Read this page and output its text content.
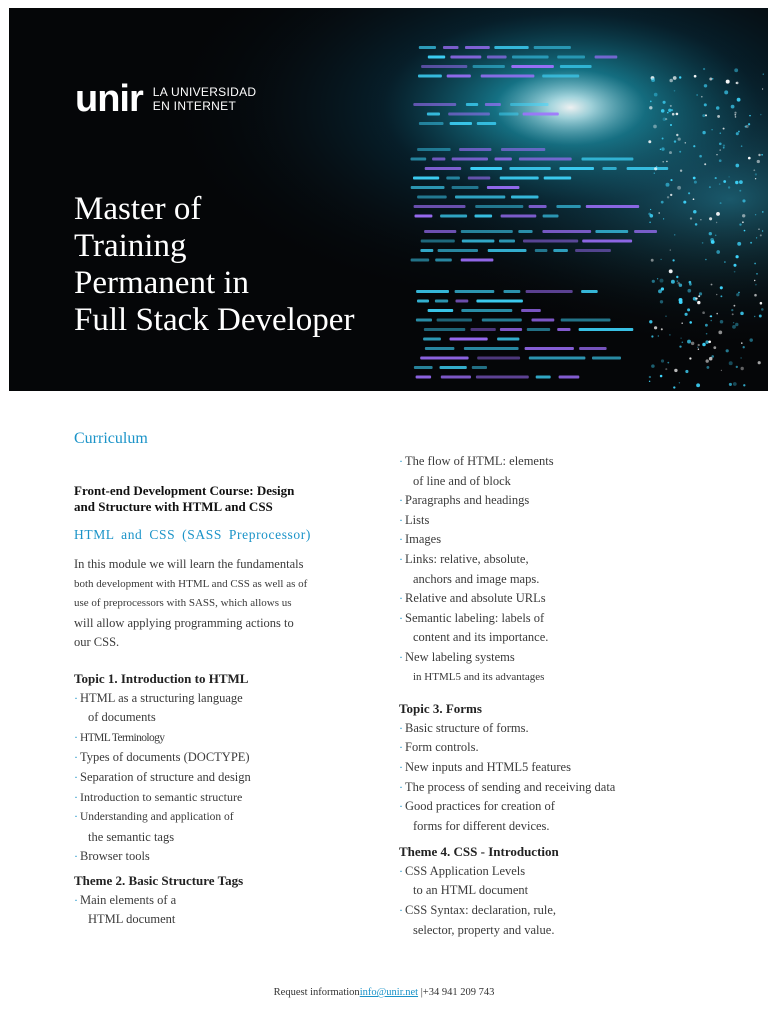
unir LA UNIVERSIDAD
EN INTERNET
Master of
Training
Permanent in
Full Stack Developer
Curriculum

Front-end Development Course: Design
and Structure with HTML and CSS

HTML and CSS (SASS Preprocessor)

In this module we will learn the fundamentals
both development with HTML and CSS as well as of
use of preprocessors with SASS, which allows us
will allow applying programming actions to
our CSS.

Topic 1. Introduction to HTML

· HTML as a structuring language
of documents
· HTML Terminology
· Types of documents (DOCTYPE)
· Separation of structure and design
· Introduction to semantic structure
· Understanding and application of
the semantic tags
· Browser tools

Theme 2. Basic Structure Tags

· Main elements of a
HTML document
· The flow of HTML: elements
of line and of block
· Paragraphs and headings
· Lists
· Images
· Links: relative, absolute,
anchors and image maps.
· Relative and absolute URLs
· Semantic labeling: labels of
content and its importance.
· New labeling systems
in HTML5 and its advantages

Topic 3. Forms

· Basic structure of forms.
· Form controls.
· New inputs and HTML5 features
· The process of sending and receiving data
· Good practices for creation of
forms for different devices.

Theme 4. CSS - Introduction

· CSS Application Levels
to an HTML document
· CSS Syntax: declaration, rule,
selector, property and value.
Request informationinfo@unir.net |+34 941 209 743
